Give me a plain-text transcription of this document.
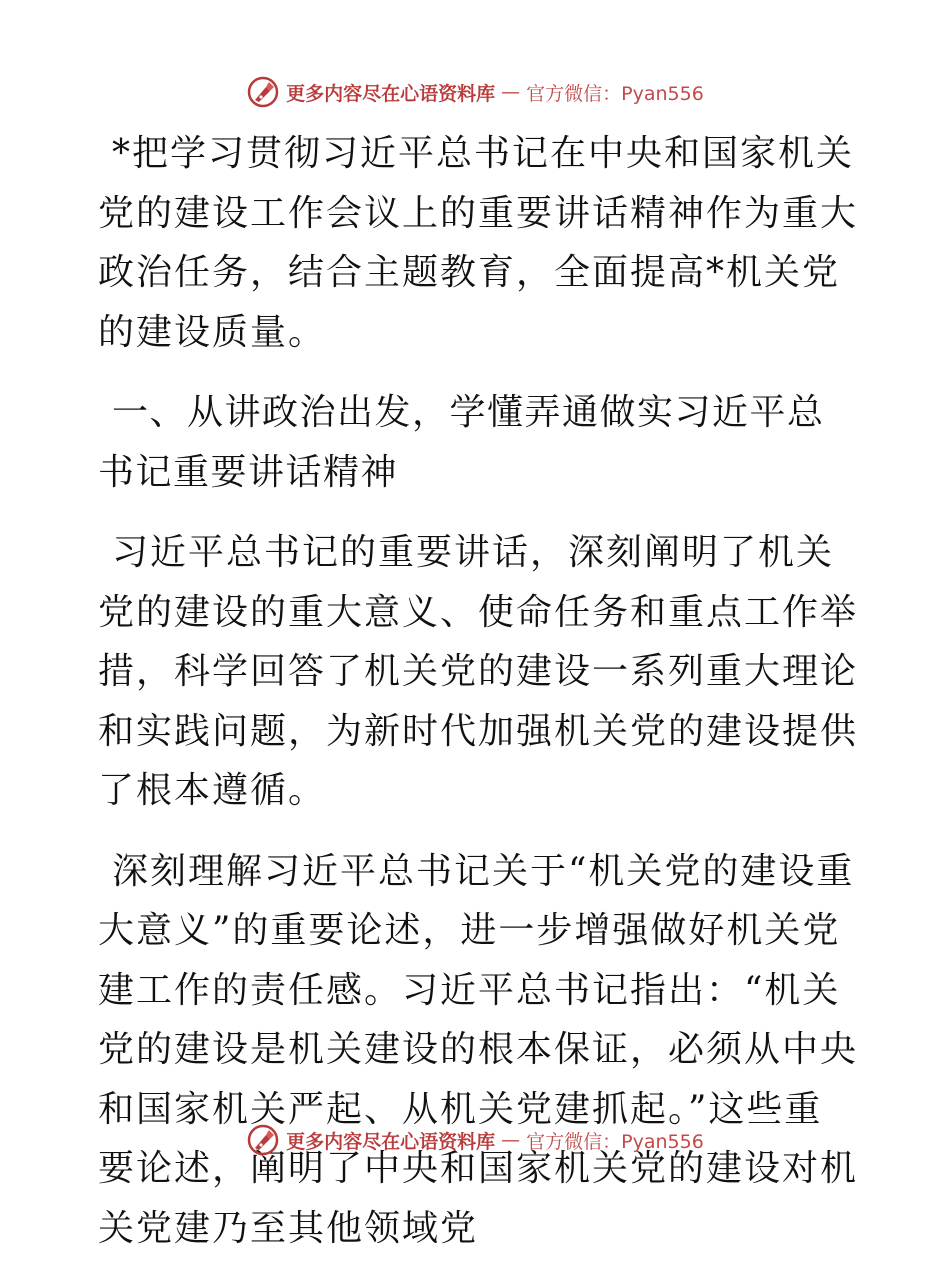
更多内容尽在心语资料库 — 官方微信：Pyan556

*把学习贯彻习近平总书记在中央和国家机关党的建设工作会议上的重要讲话精神作为重大政治任务，结合主题教育，全面提高*机关党的建设质量。

一、从讲政治出发，学懂弄通做实习近平总书记重要讲话精神

习近平总书记的重要讲话，深刻阐明了机关党的建设的重大意义、使命任务和重点工作举措，科学回答了机关党的建设一系列重大理论和实践问题，为新时代加强机关党的建设提供了根本遵循。

深刻理解习近平总书记关于“机关党的建设重大意义”的重要论述，进一步增强做好机关党建工作的责任感。习近平总书记指出：“机关党的建设是机关建设的根本保证，必须从中央和国家机关严起、从机关党建抓起。”这些重要论述，阐明了中央和国家机关党的建设对机关党建乃至其他领域党

更多内容尽在心语资料库 — 官方微信：Pyan556
